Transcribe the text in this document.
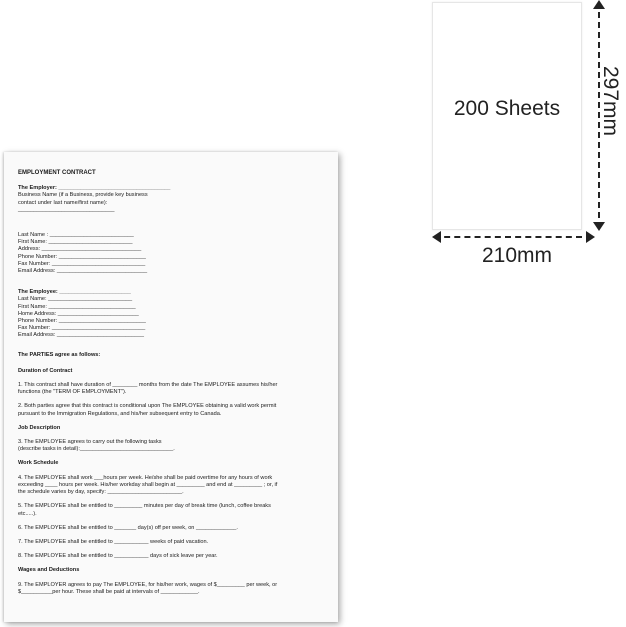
EMPLOYMENT CONTRACT
The Employer: ____________________________________
Business Name (if a Business, provide key business
contact under last name/first name):
_______________________________
Last Name : ___________________________
First Name: ___________________________
Address: ________________________________
Phone Number: ____________________________
Fax Number: ______________________________
Email Address: _____________________________
The Employee: _______________________
Last Name: ___________________________
First Name: ____________________________
Home Address: __________________________
Phone Number: ____________________________
Fax Number: ______________________________
Email Address: ____________________________
The PARTIES agree as follows:
Duration of Contract
1. This contract shall have duration of ________ months from the date The EMPLOYEE assumes his/her
functions (the "TERM OF EMPLOYMENT").
2. Both parties agree that this contract is conditional upon The EMPLOYEE obtaining a valid work permit
pursuant to the Immigration Regulations, and his/her subsequent entry to Canada.
Job Description
3. The EMPLOYEE agrees to carry out the following tasks
(describe tasks in detail):______________________________.
Work Schedule
4. The EMPLOYEE shall work ___hours per week. He/she shall be paid overtime for any hours of work
exceeding ____ hours per week. His/her workday shall begin at _________ and end at _________ ; or, if
the schedule varies by day, specify: ________________________.
5. The EMPLOYEE shall be entitled to _________ minutes per day of break time (lunch, coffee breaks
etc.....).
6. The EMPLOYEE shall be entitled to _______ day(s) off per week, on _____________.
7. The EMPLOYEE shall be entitled to ___________ weeks of paid vacation.
8. The EMPLOYEE shall be entitled to ___________ days of sick leave per year.
Wages and Deductions
9. The EMPLOYER agrees to pay The EMPLOYEE, for his/her work, wages of $_________ per week, or
$__________per hour. These shall be paid at intervals of ____________.
200 Sheets	297mm
210mm
